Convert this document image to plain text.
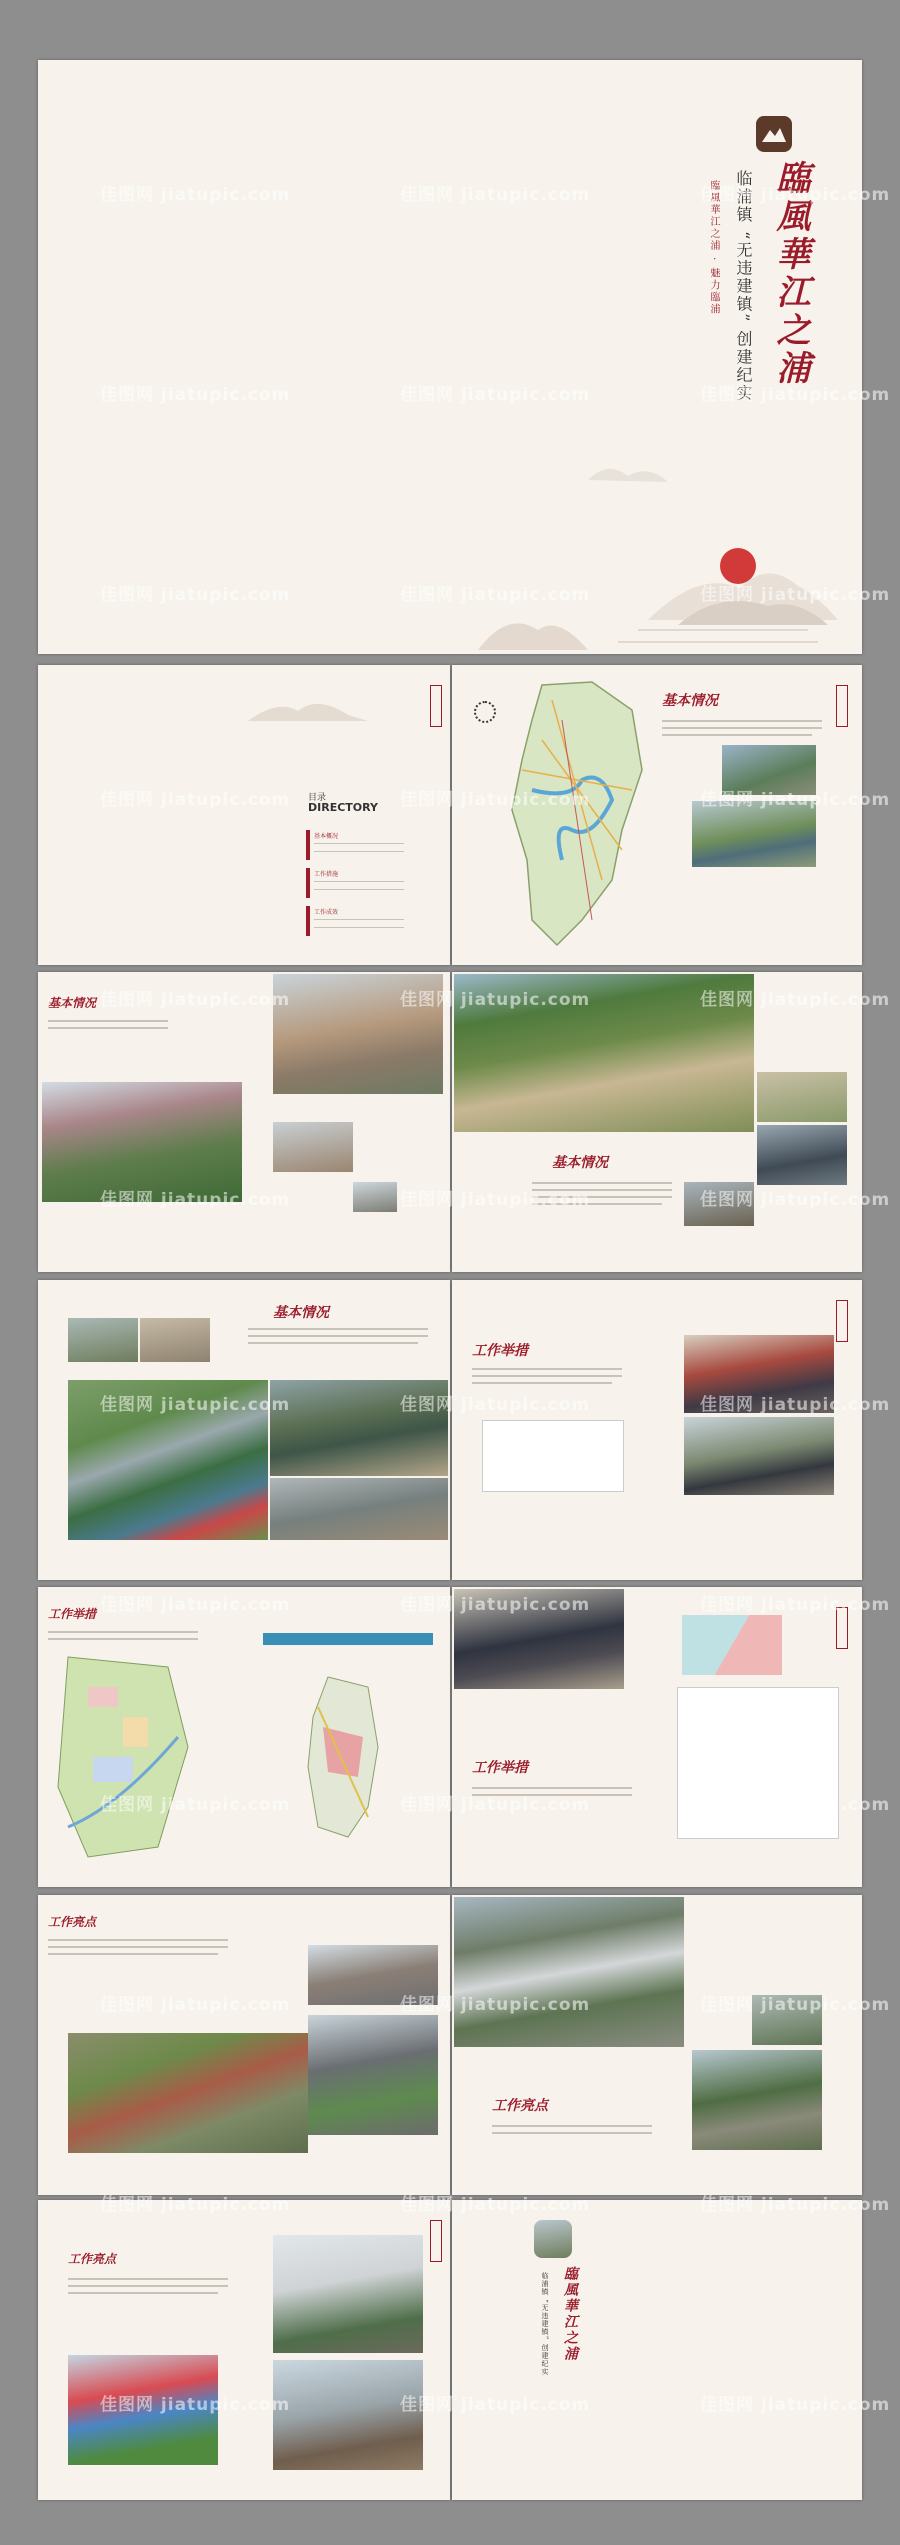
臨風華江之浦
临浦镇 “无违建镇” 创建纪实
臨風華江之浦 · 魅力臨浦
目录
DIRECTORY
基本概况
工作措施
工作成效
基本情况
基本情况
基本情况
基本情况
工作举措
工作举措
工作举措
工作亮点
工作亮点
工作亮点
臨風華江之浦
临浦镇 “无违建镇” 创建纪实
佳图网 jiatupic.com	佳图网 jiatupic.com	佳图网 jiatupic.com
佳图网 jiatupic.com	佳图网 jiatupic.com	佳图网 jiatupic.com
佳图网 jiatupic.com	佳图网 jiatupic.com	佳图网 jiatupic.com
佳图网 jiatupic.com	佳图网 jiatupic.com	佳图网 jiatupic.com
佳图网 jiatupic.com	佳图网 jiatupic.com	佳图网 jiatupic.com
佳图网 jiatupic.com	佳图网 jiatupic.com	佳图网 jiatupic.com
佳图网 jiatupic.com	佳图网 jiatupic.com	佳图网 jiatupic.com
佳图网 jiatupic.com	佳图网 jiatupic.com	佳图网 jiatupic.com
佳图网 jiatupic.com	佳图网 jiatupic.com	佳图网 jiatupic.com
佳图网 jiatupic.com	佳图网 jiatupic.com	佳图网 jiatupic.com
佳图网 jiatupic.com	佳图网 jiatupic.com	佳图网 jiatupic.com
佳图网 jiatupic.com	佳图网 jiatupic.com	佳图网 jiatupic.com
